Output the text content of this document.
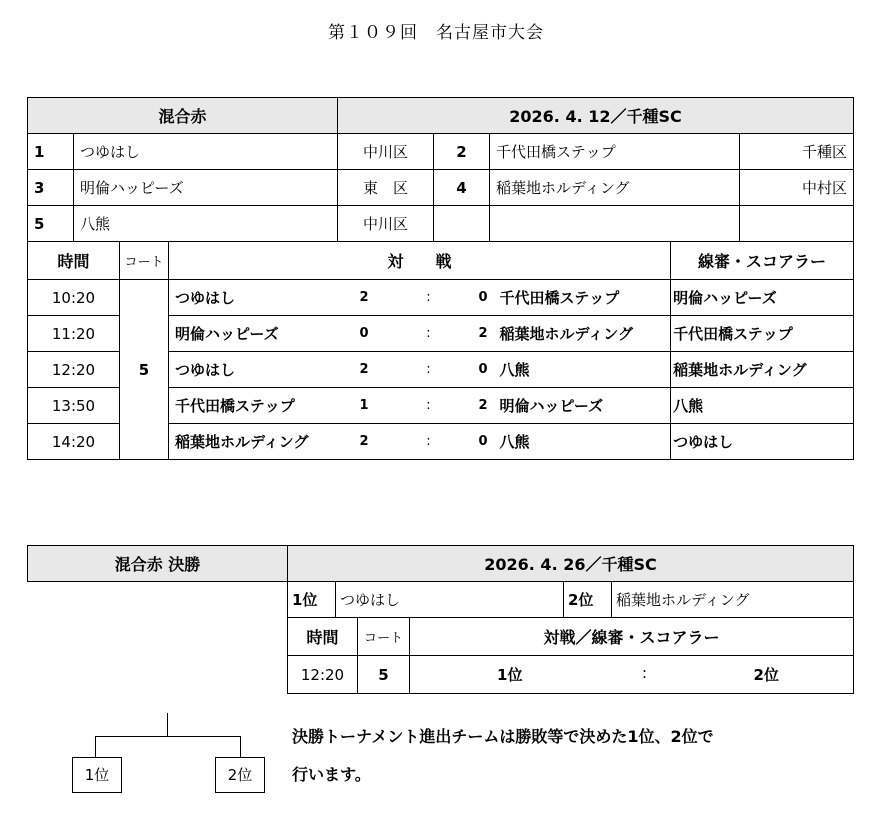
第１０９回　名古屋市大会
混合赤		2026. 4. 12／千種SC			
1	つゆはし	中川区	2	千代田橋ステップ	千種区
3	明倫ハッピーズ	東　区	4	稲葉地ホルディング	中村区
5	八熊	中川区			
時間	コート	対　　戦					線審・スコアラー
10:20	5	つゆはし	2	:	0	千代田橋ステップ	明倫ハッピーズ
11:20		明倫ハッピーズ	0	:	2	稲葉地ホルディング	千代田橋ステップ
12:20		つゆはし	2	:	0	八熊	稲葉地ホルディング
13:50		千代田橋ステップ	1	:	2	明倫ハッピーズ	八熊
14:20		稲葉地ホルディング	2	:	0	八熊	つゆはし
混合赤 決勝	2026. 4. 26／千種SC
1位	つゆはし	2位	稲葉地ホルディング
時間	コート	対戦／線審・スコアラー
12:20	5	1位 : 2位
1位	2位
決勝トーナメント進出チームは勝敗等で決めた1位、2位で
行います。
